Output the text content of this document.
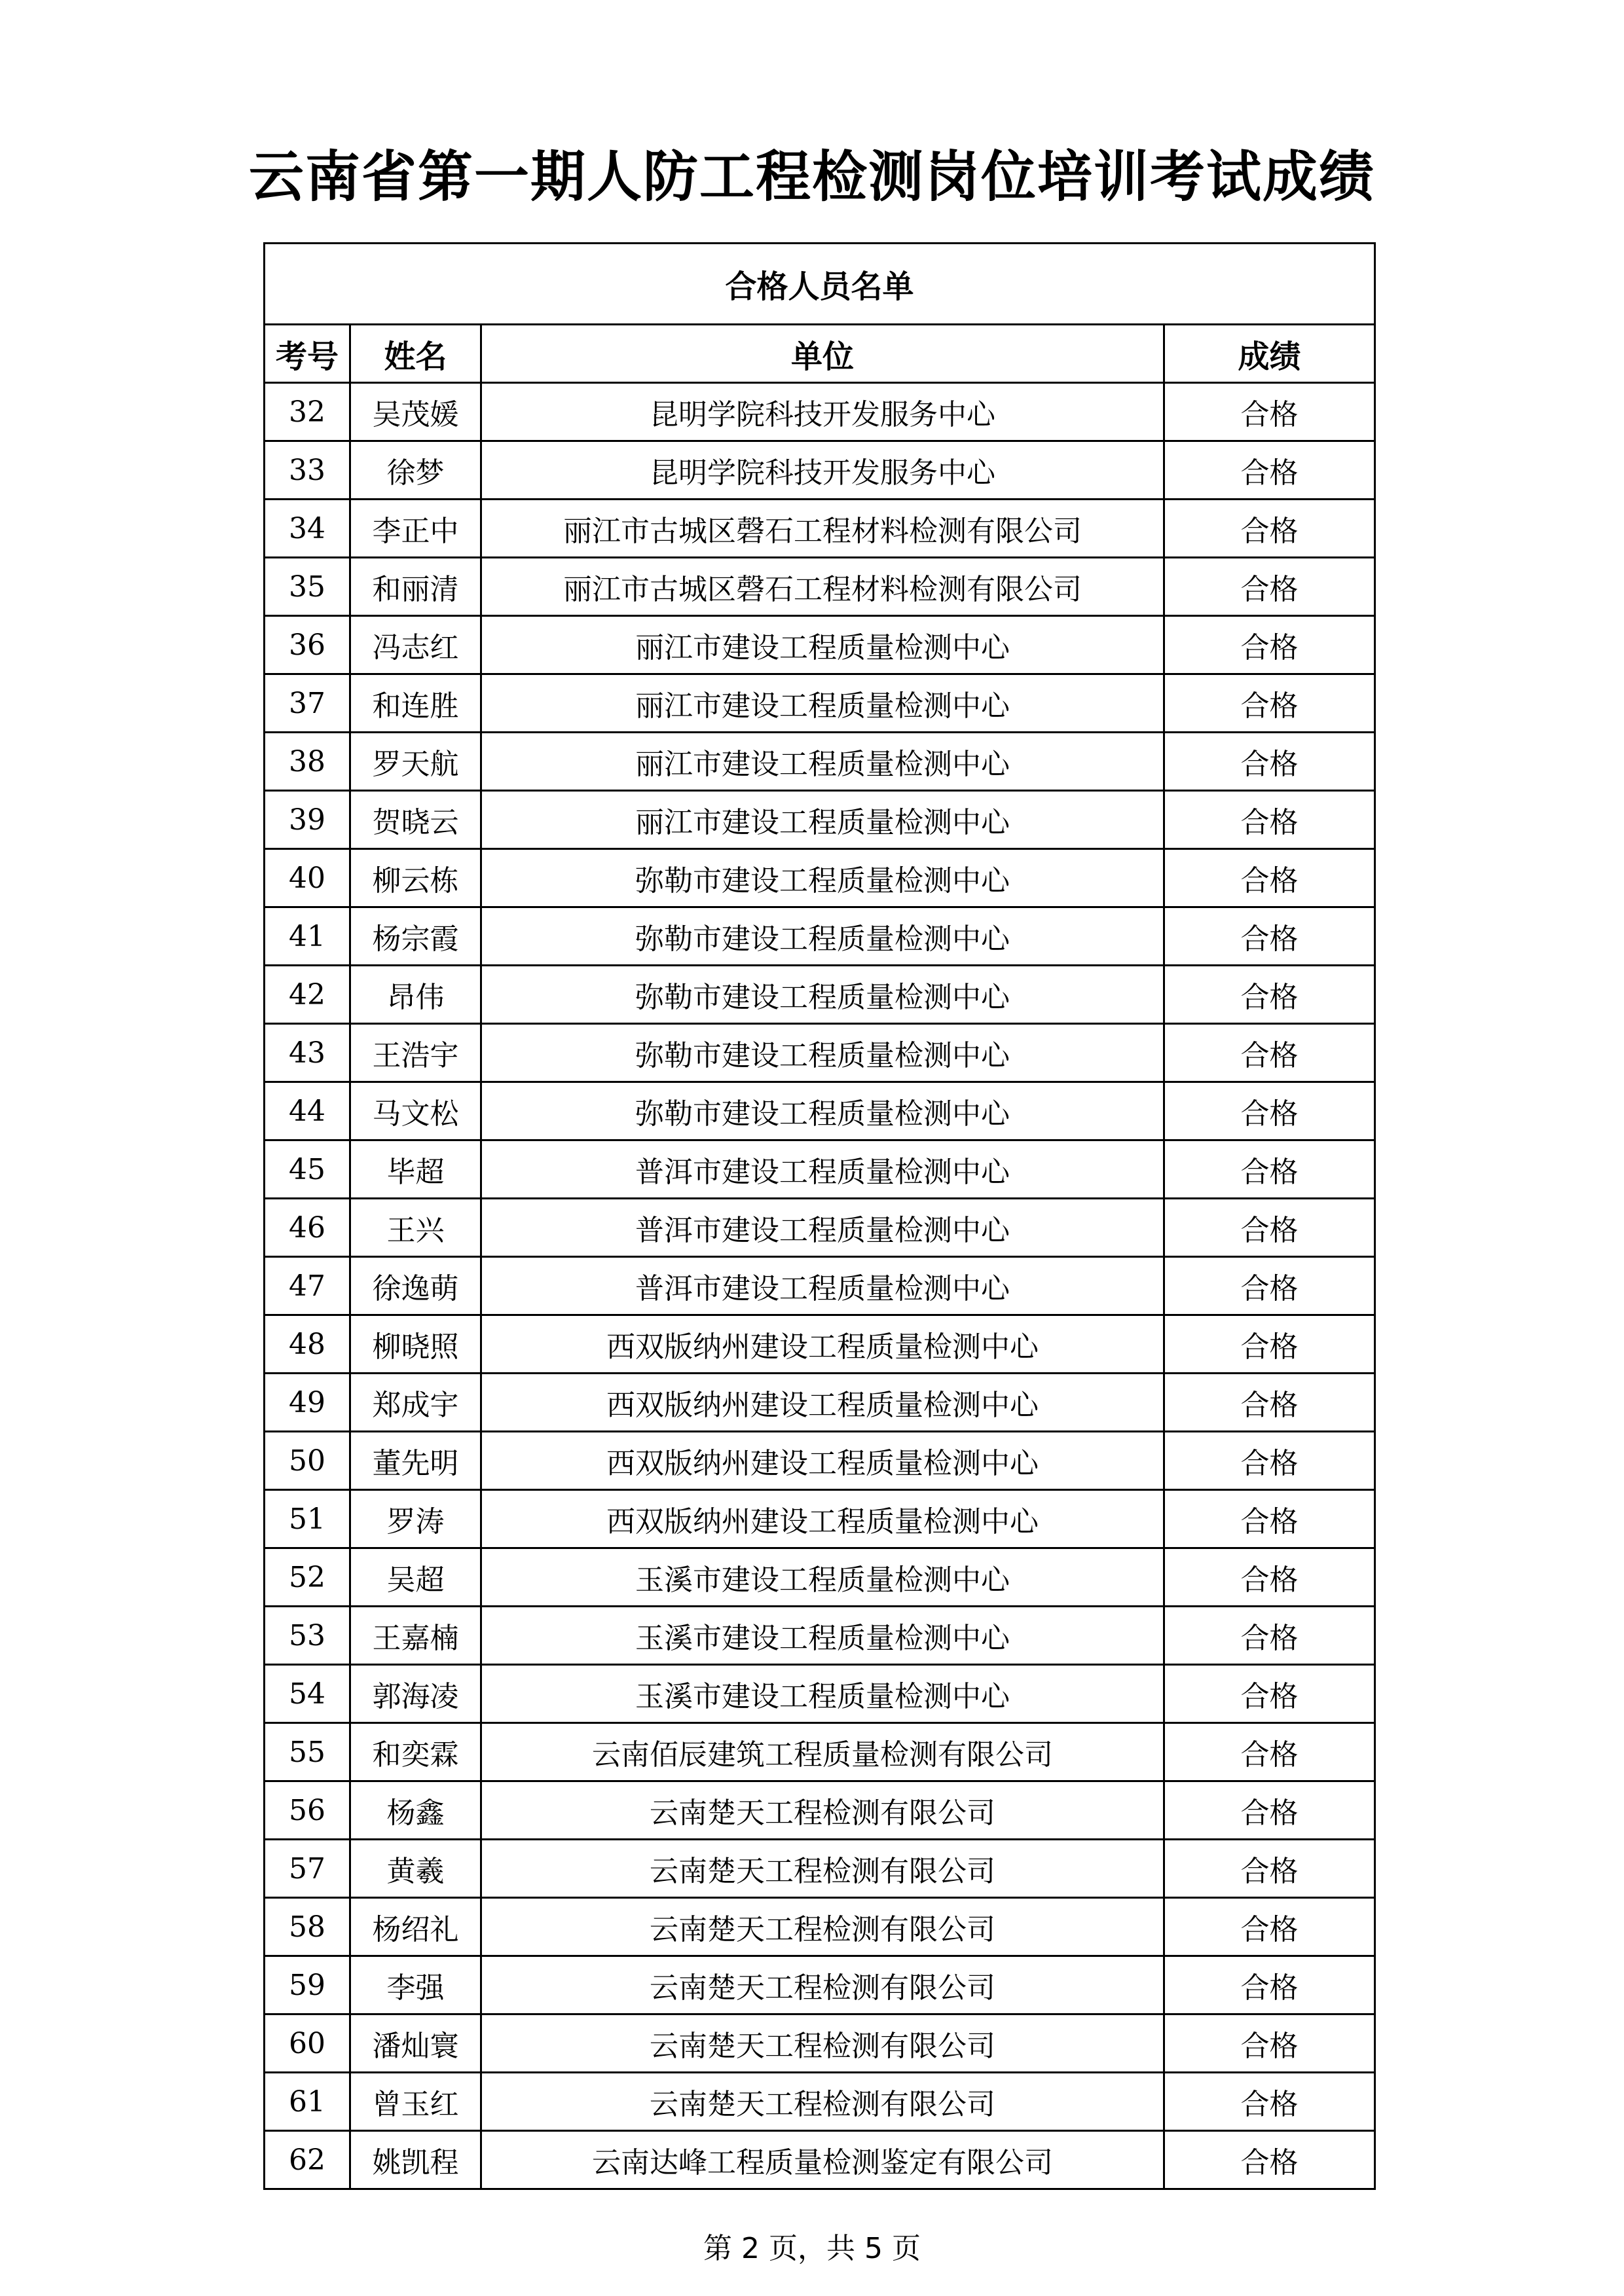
云南省第一期人防工程检测岗位培训考试成绩
合格人员名单			
考号	姓名	单位	成绩
32	吴茂媛	昆明学院科技开发服务中心	合格
33	徐梦	昆明学院科技开发服务中心	合格
34	李正中	丽江市古城区磬石工程材料检测有限公司	合格
35	和丽清	丽江市古城区磬石工程材料检测有限公司	合格
36	冯志红	丽江市建设工程质量检测中心	合格
37	和连胜	丽江市建设工程质量检测中心	合格
38	罗天航	丽江市建设工程质量检测中心	合格
39	贺晓云	丽江市建设工程质量检测中心	合格
40	柳云栋	弥勒市建设工程质量检测中心	合格
41	杨宗霞	弥勒市建设工程质量检测中心	合格
42	昂伟	弥勒市建设工程质量检测中心	合格
43	王浩宇	弥勒市建设工程质量检测中心	合格
44	马文松	弥勒市建设工程质量检测中心	合格
45	毕超	普洱市建设工程质量检测中心	合格
46	王兴	普洱市建设工程质量检测中心	合格
47	徐逸萌	普洱市建设工程质量检测中心	合格
48	柳晓照	西双版纳州建设工程质量检测中心	合格
49	郑成宇	西双版纳州建设工程质量检测中心	合格
50	董先明	西双版纳州建设工程质量检测中心	合格
51	罗涛	西双版纳州建设工程质量检测中心	合格
52	吴超	玉溪市建设工程质量检测中心	合格
53	王嘉楠	玉溪市建设工程质量检测中心	合格
54	郭海凌	玉溪市建设工程质量检测中心	合格
55	和奕霖	云南佰辰建筑工程质量检测有限公司	合格
56	杨鑫	云南楚天工程检测有限公司	合格
57	黄羲	云南楚天工程检测有限公司	合格
58	杨绍礼	云南楚天工程检测有限公司	合格
59	李强	云南楚天工程检测有限公司	合格
60	潘灿寰	云南楚天工程检测有限公司	合格
61	曾玉红	云南楚天工程检测有限公司	合格
62	姚凯程	云南达峰工程质量检测鉴定有限公司	合格
第 2 页，共 5 页
